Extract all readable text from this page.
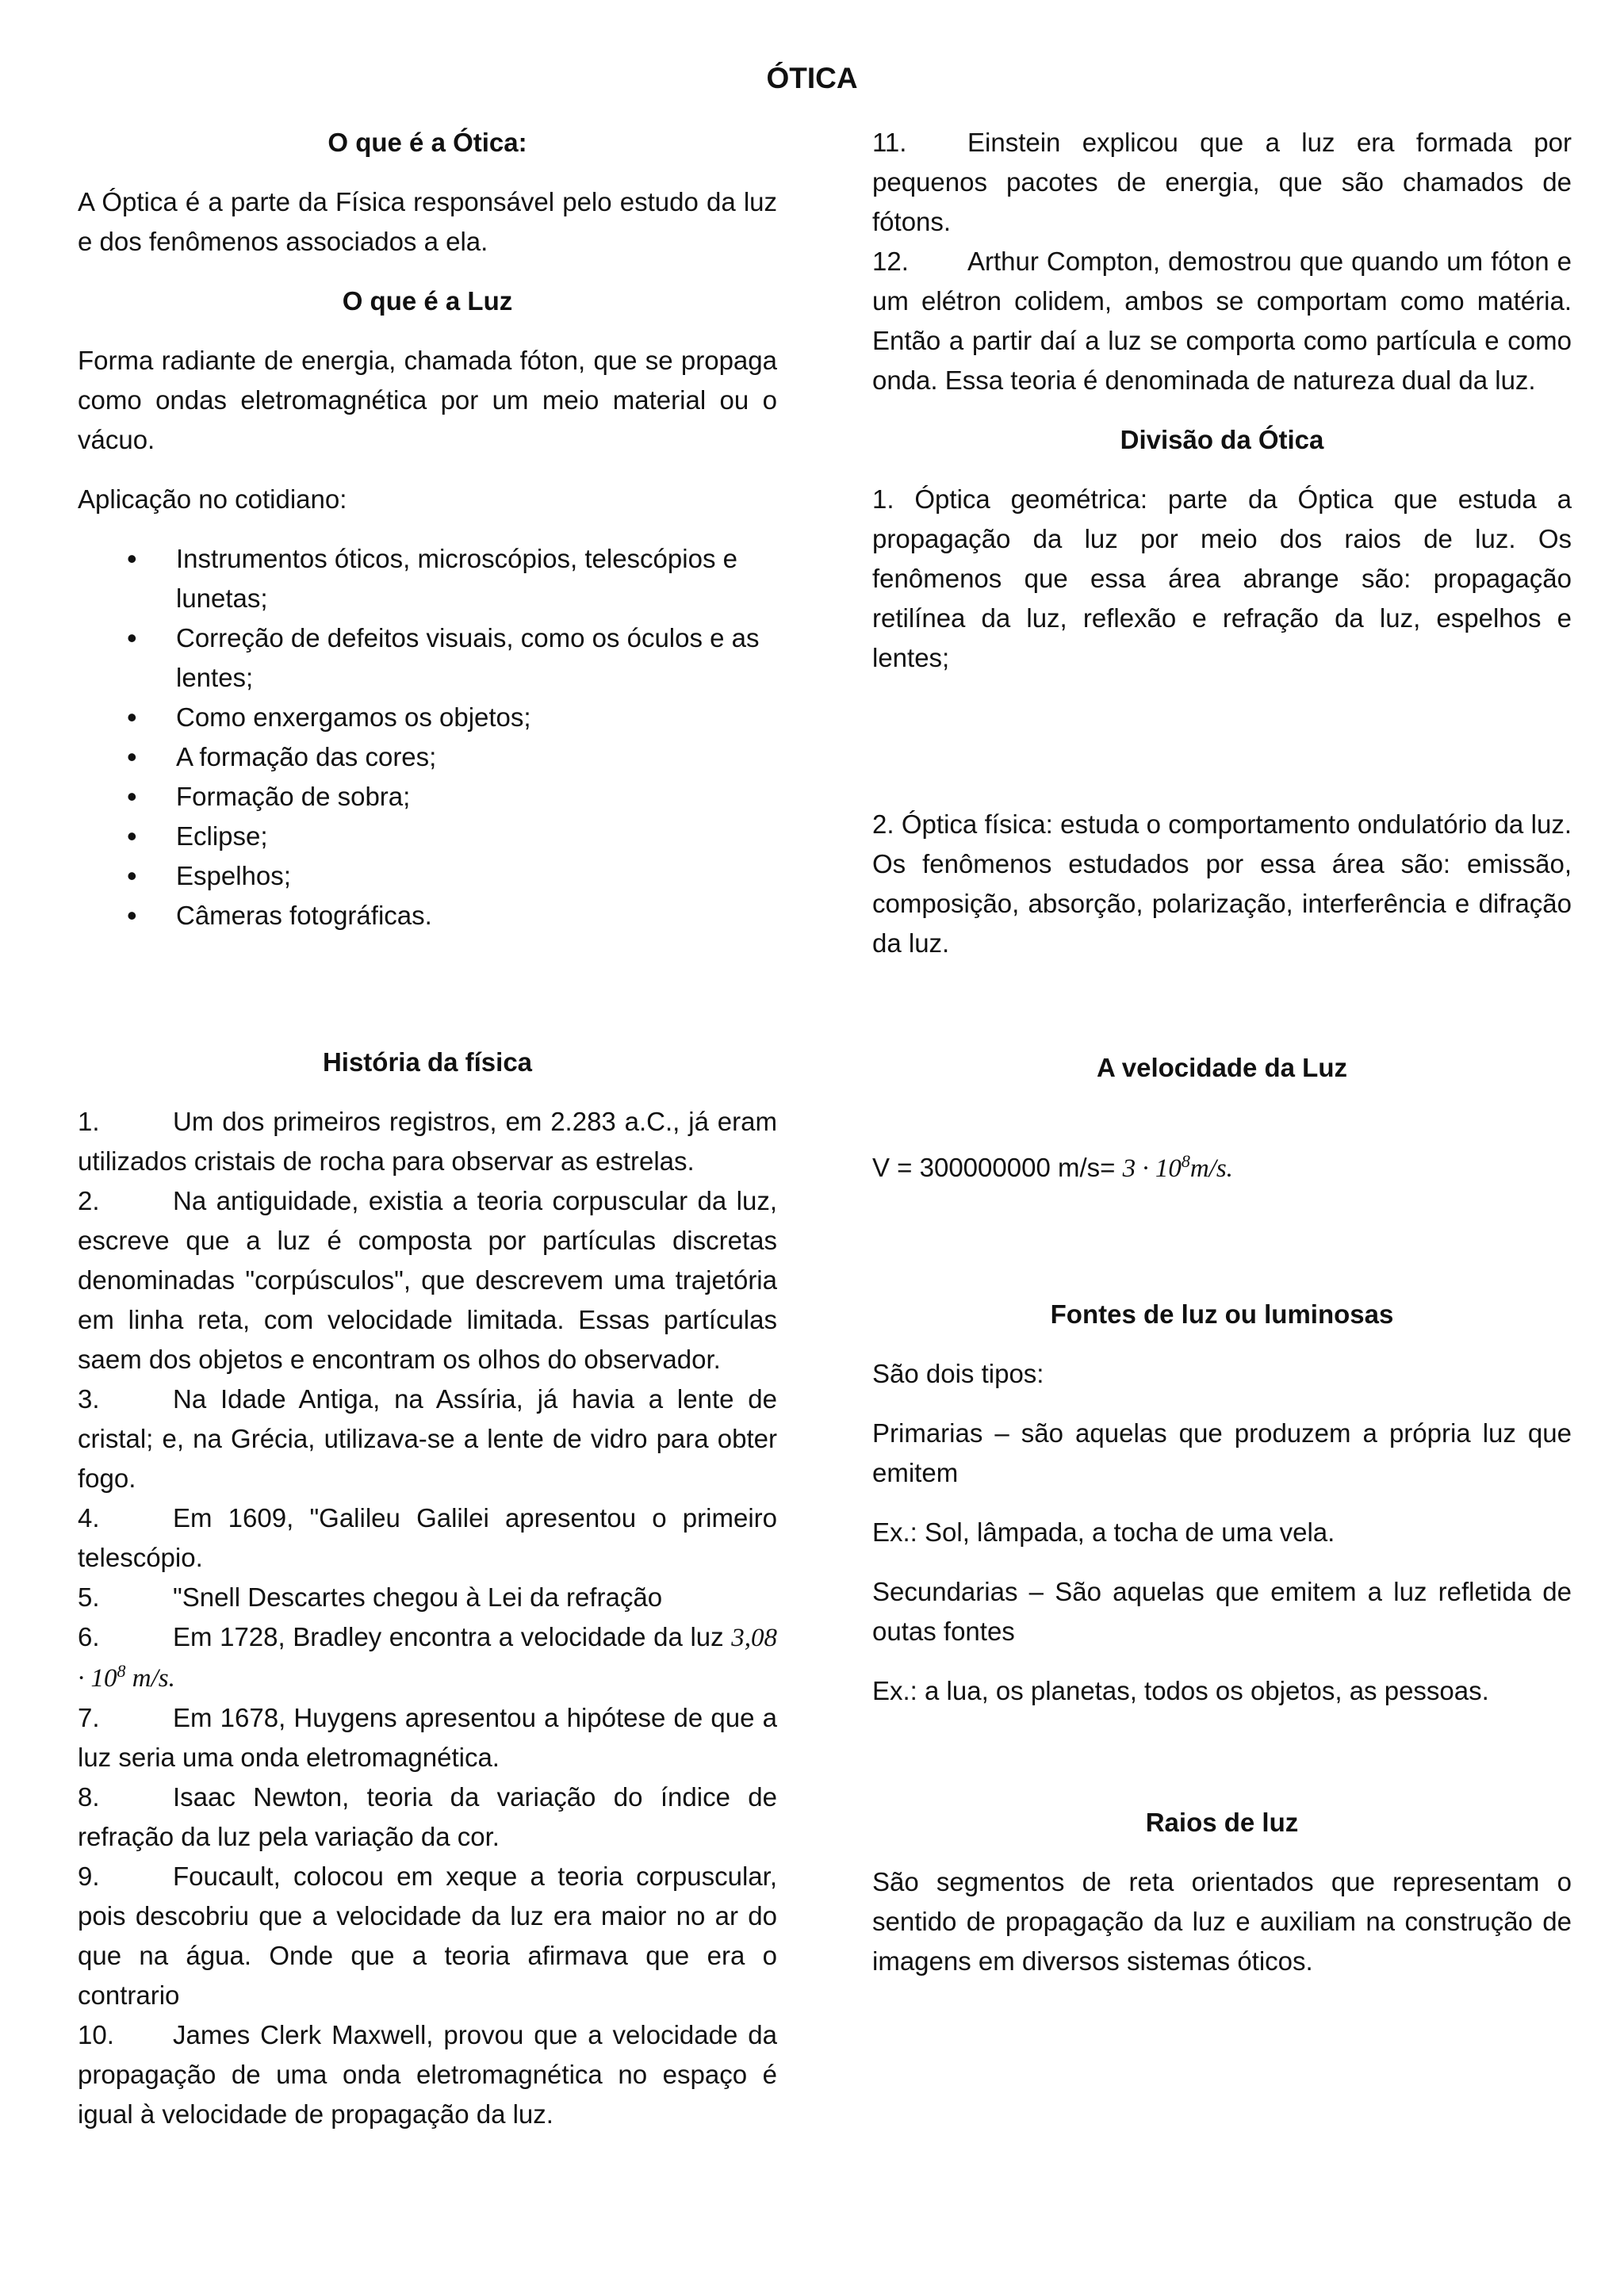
ÓTICA

O que é a Ótica:

A Óptica é a parte da Física responsável pelo estudo da luz e dos fenômenos associados a ela.

O que é a Luz

Forma radiante de energia, chamada fóton, que se propaga como ondas eletromagnética por um meio material ou o vácuo.

Aplicação no cotidiano:

• Instrumentos óticos, microscópios, telescópios e lunetas;
• Correção de defeitos visuais, como os óculos e as lentes;
• Como enxergamos os objetos;
• A formação das cores;
• Formação de sobra;
• Eclipse;
• Espelhos;
• Câmeras fotográficas.

História da física

1.	Um dos primeiros registros, em 2.283 a.C., já eram utilizados cristais de rocha para observar as estrelas.

2.	Na antiguidade, existia a teoria corpuscular da luz, escreve que a luz é composta por partículas discretas denominadas "corpúsculos", que descrevem uma trajetória em linha reta, com velocidade limitada. Essas partículas saem dos objetos e encontram os olhos do observador.

3.	Na Idade Antiga, na Assíria, já havia a lente de cristal; e, na Grécia, utilizava-se a lente de vidro para obter fogo.

4.	Em 1609, "Galileu Galilei apresentou o primeiro telescópio.

5.	"Snell Descartes chegou à Lei da refração

6.	Em 1728, Bradley encontra a velocidade da luz $3,08 \cdot 10^8$ m/s.

7.	Em 1678, Huygens apresentou a hipótese de que a luz seria uma onda eletromagnética.

8.	Isaac Newton, teoria da variação do índice de refração da luz pela variação da cor.

9.	Foucault, colocou em xeque a teoria corpuscular, pois descobriu que a velocidade da luz era maior no ar do que na água. Onde que a teoria afirmava que era o contrario

10. James Clerk Maxwell, provou que a velocidade da propagação de uma onda eletromagnética no espaço é igual à velocidade de propagação da luz.

11. Einstein explicou que a luz era formada por pequenos pacotes de energia, que são chamados de fótons.

12. Arthur Compton, demostrou que quando um fóton e um elétron colidem, ambos se comportam como matéria. Então a partir daí a luz se comporta como partícula e como onda. Essa teoria é denominada de natureza dual da luz.

Divisão da Ótica

1. Óptica geométrica: parte da Óptica que estuda a propagação da luz por meio dos raios de luz. Os fenômenos que essa área abrange são: propagação retilínea da luz, reflexão e refração da luz, espelhos e lentes;

2. Óptica física: estuda o comportamento ondulatório da luz. Os fenômenos estudados por essa área são: emissão, composição, absorção, polarização, interferência e difração da luz.

A velocidade da Luz

V = 300000000 $m/s= 3 \cdot 10^8m/s$.

Fontes de luz ou luminosas

São dois tipos:

Primarias – são aquelas que produzem a própria luz que emitem

Ex.: Sol, lâmpada, a tocha de uma vela.

Secundarias – São aquelas que emitem a luz refletida de outas fontes

Ex.: a lua, os planetas, todos os objetos, as pessoas.

Raios de luz

São segmentos de reta orientados que representam o sentido de propagação da luz e auxiliam na construção de imagens em diversos sistemas óticos.
